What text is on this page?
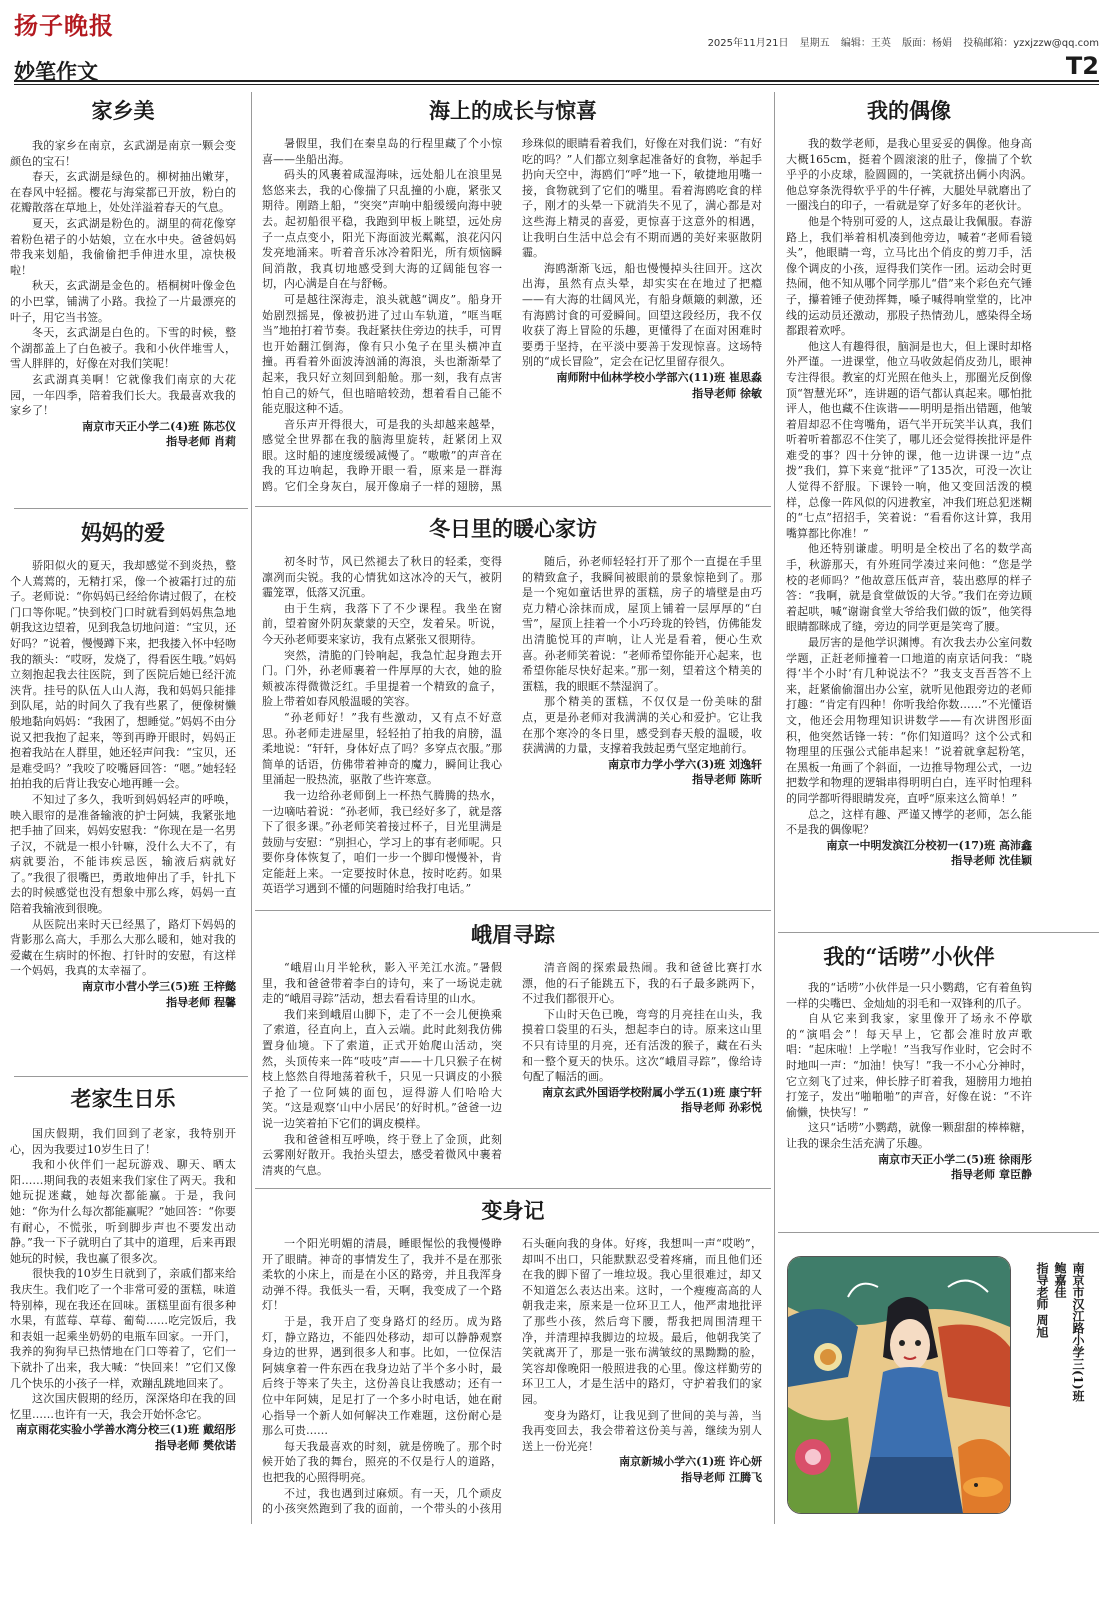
扬子晚报
2025年11月21日 星期五 编辑：王英 版面：杨娟 投稿邮箱：yzxjzzw@qq.com
妙笔作文	T2
家乡美

我的家乡在南京，玄武湖是南京一颗会变颜色的宝石！

春天，玄武湖是绿色的。柳树抽出嫩芽，在春风中轻摇。樱花与海棠都已开放，粉白的花瓣散落在草地上，处处洋溢着春天的气息。

夏天，玄武湖是粉色的。湖里的荷花像穿着粉色裙子的小姑娘，立在水中央。爸爸妈妈带我来划船，我偷偷把手伸进水里，凉快极啦！

秋天，玄武湖是金色的。梧桐树叶像金色的小巴掌，铺满了小路。我捡了一片最漂亮的叶子，用它当书签。

冬天，玄武湖是白色的。下雪的时候，整个湖都盖上了白色被子。我和小伙伴堆雪人，雪人胖胖的，好像在对我们笑呢！

玄武湖真美啊！它就像我们南京的大花园，一年四季，陪着我们长大。我最喜欢我的家乡了！

南京市天正小学二(4)班 陈芯仪
指导老师 肖莉
妈妈的爱

骄阳似火的夏天，我却感觉不到炎热，整个人蔫蔫的，无精打采，像一个被霜打过的茄子。老师说：“你妈妈已经给你请过假了，在校门口等你呢。”快到校门口时就看到妈妈焦急地朝我这边望着，见到我急切地问道：“宝贝，还好吗？”说着，慢慢蹲下来，把我搂入怀中轻吻我的额头：“哎呀，发烧了，得看医生哦。”妈妈立刻抱起我去往医院，到了医院后她已经汗流浃背。挂号的队伍人山人海，我和妈妈只能排到队尾，站的时间久了我有些累了，便像树懒般地黏向妈妈：“我困了，想睡觉。”妈妈不由分说又把我抱了起来，等到再睁开眼时，妈妈正抱着我站在人群里，她还轻声问我：“宝贝，还是难受吗？”我咬了咬嘴唇回答：“嗯。”她轻轻拍拍我的后背让我安心地再睡一会。

不知过了多久，我听到妈妈轻声的呼唤，映入眼帘的是准备输液的护士阿姨，我紧张地把手抽了回来，妈妈安慰我：“你现在是一名男子汉，不就是一根小针嘛，没什么大不了，有病就要治，不能讳疾忌医，输液后病就好了。”我很了很嘴巴，勇敢地伸出了手，针扎下去的时候感觉也没有想象中那么疼，妈妈一直陪着我输液到很晚。

从医院出来时天已经黑了，路灯下妈妈的背影那么高大，手那么大那么暖和，她对我的爱藏在生病时的怀抱、打针时的安慰，有这样一个妈妈，我真的太幸福了。

南京市小营小学三(5)班 王梓懿
指导老师 程馨
老家生日乐

国庆假期，我们回到了老家，我特别开心，因为我要过10岁生日了！

我和小伙伴们一起玩游戏、聊天、晒太阳……期间我的表姐来我们家住了两天。我和她玩捉迷藏，她每次都能赢。于是，我问她：“你为什么每次都能赢呢？”她回答：“你要有耐心，不慌张，听到脚步声也不要发出动静。”我一下子就明白了其中的道理，后来再跟她玩的时候，我也赢了很多次。

很快我的10岁生日就到了，亲戚们都来给我庆生。我们吃了一个非常可爱的蛋糕，味道特别棒，现在我还在回味。蛋糕里面有很多种水果，有蓝莓、草莓、葡萄……吃完饭后，我和表姐一起乘坐奶奶的电瓶车回家。一开门，我养的狗狗早已热情地在门口等着了，它们一下就扑了出来，我大喊：“快回来！”它们又像几个快乐的小孩子一样，欢蹦乱跳地回来了。

这次国庆假期的经历，深深烙印在我的回忆里……也许有一天，我会开始怀念它。

南京雨花实验小学善水湾分校三(1)班 戴绍彤
指导老师 樊依诺
海上的成长与惊喜

暑假里，我们在秦皇岛的行程里藏了个小惊喜——坐船出海。

码头的风裹着咸湿海味，远处船儿在浪里晃悠悠来去，我的心像揣了只乱撞的小鹿，紧张又期待。刚踏上船，“突突”声响中船缓缓向海中驶去。起初船很平稳，我跑到甲板上眺望，远处房子一点点变小，阳光下海面波光粼粼，浪花闪闪发亮地涌来。听着音乐冰冷着阳光，所有烦恼瞬间消散，我真切地感受到大海的辽阔能包容一切，内心满是自在与舒畅。

可是越往深海走，浪头就越“调皮”。船身开始剧烈摇晃，像被扔进了过山车轨道，“哐当哐当”地拍打着节奏。我赶紧扶住旁边的扶手，可胃也开始翻江倒海，像有只小兔子在里头横冲直撞。再看着外面波涛汹涌的海浪，头也渐渐晕了起来，我只好立刻回到船舱。那一刻，我有点害怕自己的娇气，但也暗暗较劲，想着看自己能不能克服这种不适。

音乐声开得很大，可是我的头却越来越晕，感觉全世界都在我的脑海里旋转，赶紧闭上双眼。这时船的速度缓缓减慢了。“嗷嗷”的声音在我的耳边响起，我睁开眼一看，原来是一群海鸥。它们全身灰白，展开像扇子一样的翅膀，黑珍珠似的眼睛看着我们，好像在对我们说：“有好吃的吗？”人们都立刻拿起准备好的食物，举起手扔向天空中，海鸥们“呼”地一下，敏捷地用嘴一接，食物就到了它们的嘴里。看着海鸥吃食的样子，刚才的头晕一下就消失不见了，满心都是对这些海上精灵的喜爱，更惊喜于这意外的相遇，让我明白生活中总会有不期而遇的美好来驱散阴霾。

海鸥渐渐飞远，船也慢慢掉头往回开。这次出海，虽然有点头晕，却实实在在地过了把瘾——有大海的壮阔风光，有船身颠簸的刺激，还有海鸥讨食的可爱瞬间。回望这段经历，我不仅收获了海上冒险的乐趣，更懂得了在面对困难时要勇于坚持，在平淡中要善于发现惊喜。这场特别的“成长冒险”，定会在记忆里留存很久。

南师附中仙林学校小学部六(11)班 崔思淼
指导老师 徐敏
冬日里的暖心家访

初冬时节，风已然褪去了秋日的轻柔，变得凛冽而尖锐。我的心情犹如这冰冷的天气，被阴霾笼罩，低落又沉重。

由于生病，我落下了不少课程。我坐在窗前，望着窗外阴灰蒙蒙的天空，发着呆。听说，今天孙老师要来家访，我有点紧张又很期待。

突然，清脆的门铃响起，我急忙起身跑去开门。门外，孙老师裹着一件厚厚的大衣，她的脸颊被冻得微微泛红。手里提着一个精致的盒子，脸上带着如春风般温暖的笑容。

“孙老师好！”我有些激动，又有点不好意思。孙老师走进屋里，轻轻拍了拍我的肩膀，温柔地说：“轩轩，身体好点了吗？多穿点衣服。”那简单的话语，仿佛带着神奇的魔力，瞬间让我心里涌起一股热流，驱散了些许寒意。

我一边给孙老师倒上一杯热气腾腾的热水，一边嘀咕着说：“孙老师，我已经好多了，就是落下了很多课。”孙老师笑着接过杯子，目光里满是鼓励与安慰：“别担心，学习上的事有老师呢。只要你身体恢复了，咱们一步一个脚印慢慢补，肯定能赶上来。一定要按时休息，按时吃药。如果英语学习遇到不懂的问题随时给我打电话。”

随后，孙老师轻轻打开了那个一直提在手里的精致盒子，我瞬间被眼前的景象惊艳到了。那是一个宛如童话世界的蛋糕，房子的墙壁是由巧克力精心涂抹而成，屋顶上铺着一层厚厚的“白雪”，屋顶上挂着一个小巧玲珑的铃铛，仿佛能发出清脆悦耳的声响，让人光是看着，便心生欢喜。孙老师笑着说：“老师希望你能开心起来，也希望你能尽快好起来。”那一刻，望着这个精美的蛋糕，我的眼眶不禁湿润了。

那个精美的蛋糕，不仅仅是一份美味的甜点，更是孙老师对我满满的关心和爱护。它让我在那个寒冷的冬日里，感受到春天般的温暖，收获满满的力量，支撑着我鼓起勇气坚定地前行。

南京市力学小学六(3)班 刘逸轩
指导老师 陈昕
峨眉寻踪

“峨眉山月半轮秋，影入平羌江水流。”暑假里，我和爸爸带着李白的诗句，来了一场说走就走的“峨眉寻踪”活动，想去看看诗里的山水。

我们来到峨眉山脚下，走了不一会儿便换乘了索道，径直向上，直入云端。此时此刻我仿佛置身仙境。下了索道，正式开始爬山活动，突然，头顶传来一阵“吱吱”声——十几只猴子在树枝上悠然自得地荡着秋千，只见一只调皮的小猴子抢了一位阿姨的面包，逗得游人们哈哈大笑。“这是观察‘山中小居民’的好时机。”爸爸一边说一边笑着拍下它们的调皮模样。

我和爸爸相互呼唤，终于登上了金顶，此刻云雾刚好散开。我抬头望去，感受着微风中裹着清爽的气息。

清音阁的探索最热闹。我和爸爸比赛打水漂，他的石子能跳五下，我的石子最多跳两下，不过我们都很开心。

下山时天色已晚，弯弯的月亮挂在山头，我摸着口袋里的石头，想起李白的诗。原来这山里不只有诗里的月亮，还有活泼的猴子，藏在石头和一整个夏天的快乐。这次“峨眉寻踪”，像给诗句配了幅活的画。

南京玄武外国语学校附属小学五(1)班 康宁轩
指导老师 孙彩悦
变身记

一个阳光明媚的清晨，睡眼惺忪的我慢慢睁开了眼睛。神奇的事情发生了，我并不是在那张柔软的小床上，而是在小区的路旁，并且我浑身动弹不得。我低头一看，天啊，我变成了一个路灯！

于是，我开启了变身路灯的经历。成为路灯，静立路边，不能四处移动，却可以静静观察身边的世界，遇到很多人和事。比如，一位保洁阿姨拿着一件东西在我身边站了半个多小时，最后终于等来了失主，这份善良让我感动；还有一位中年阿姨，足足打了一个多小时电话，她在耐心指导一个新人如何解决工作难题，这份耐心是那么可贵……

每天我最喜欢的时刻，就是傍晚了。那个时候开始了我的舞台，照亮的不仅是行人的道路，也把我的心照得明亮。

不过，我也遇到过麻烦。有一天，几个顽皮的小孩突然跑到了我的面前，一个带头的小孩用石头砸向我的身体。好疼，我想叫一声“哎哟”，却叫不出口，只能默默忍受着疼痛，而且他们还在我的脚下留了一堆垃圾。我心里很难过，却又不知道怎么表达出来。这时，一个瘦瘦高高的人朝我走来，原来是一位环卫工人，他严肃地批评了那些小孩，然后弯下腰，帮我把周围清理干净，并清理掉我脚边的垃圾。最后，他朝我笑了笑就离开了，那是一张布满皱纹的黑黝黝的脸，笑容却像晚阳一般照进我的心里。像这样勤劳的环卫工人，才是生活中的路灯，守护着我们的家园。

变身为路灯，让我见到了世间的美与善，当我再变回去，我会带着这份美与善，继续为别人送上一份光亮！

南京新城小学六(1)班 许心妍
指导老师 江腾飞
我的偶像

我的数学老师，是我心里妥妥的偶像。他身高大概165cm，挺着个圆滚滚的肚子，像揣了个软乎乎的小皮球，脸圆圆的，一笑就挤出俩小肉涡。他总穿条洗得软乎乎的牛仔裤，大腿处早就磨出了一圈浅白的印子，一看就是穿了好多年的老伙计。

他是个特别可爱的人，这点最让我佩服。春游路上，我们举着相机凑到他旁边，喊着“老师看镜头”，他眼睛一弯，立马比出个俏皮的剪刀手，活像个调皮的小孩，逗得我们笑作一团。运动会时更热闹，他不知从哪个同学那儿“借”来个彩色充气锤子，攥着锤子使劲挥舞，嗓子喊得响堂堂的，比冲线的运动员还激动，那股子热情劲儿，感染得全场都跟着欢呼。

他这人有趣得很，脑洞是也大，但上课时却格外严谨。一进课堂，他立马收敛起俏皮劲儿，眼神专注得很。教室的灯光照在他头上，那圈光反倒像顶“智慧光环”，连讲题的语气都认真起来。哪怕批评人，他也藏不住诙谐——明明是指出错题，他皱着眉却忍不住弯嘴角，语气半开玩笑半认真，我们听着听着都忍不住笑了，哪儿还会觉得挨批评是件难受的事？四十分钟的课，他一边讲课一边“点拨”我们，算下来竟“批评”了135次，可没一次让人觉得不舒服。下课铃一响，他又变回活泼的模样，总像一阵风似的闪进教室，冲我们班总犯迷糊的“七点”招招手，笑着说：“看看你这计算，我用嘴算都比你准！”

他还特别谦虚。明明是全校出了名的数学高手，秋游那天，有外班同学凑过来问他：“您是学校的老师吗？”他故意压低声音，装出憨厚的样子答：“我啊，就是食堂做饭的大爷。”我们在旁边顾着起哄，喊“谢谢食堂大爷给我们做的饭”，他笑得眼睛都眯成了缝，旁边的同学更是笑弯了腰。

最厉害的是他学识渊博。有次我去办公室问数学题，正赶老师撞着一口地道的南京话问我：“晓得‘半个小时’有几种说法不？”我支支吾吾答不上来，赶紧偷偷溜出办公室，就听见他跟旁边的老师打趣：“肯定有四种！你听我给你数……”不光懂语文，他还会用物理知识讲数学——有次讲图形面积，他突然话锋一转：“你们知道吗？这个公式和物理里的压强公式能串起来！”说着就拿起粉笔，在黑板一角画了个斜面，一边推导物理公式，一边把数学和物理的逻辑串得明明白白，连平时怕理科的同学都听得眼睛发亮，直呼“原来这么简单！”

总之，这样有趣、严谨又博学的老师，怎么能不是我的偶像呢？

南京一中明发滨江分校初一(17)班 高沛鑫
指导老师 沈佳颖
我的“话唠”小伙伴

我的“话唠”小伙伴是一只小鹦鹉，它有着鱼钩一样的尖嘴巴、金灿灿的羽毛和一双锋利的爪子。

自从它来到我家，家里像开了场永不停歇的“演唱会”！每天早上，它都会准时放声歌唱：“起床啦！上学啦！”当我写作业时，它会时不时地叫一声：“加油！快写！”我一不小心分神时，它立刻飞了过来，伸长脖子盯着我，翅膀用力地拍打笼子，发出“啪啪啪”的声音，好像在说：“不许偷懒，快快写！”

这只“话唠”小鹦鹉，就像一颗甜甜的棒棒糖，让我的课余生活充满了乐趣。

南京市天正小学二(5)班 徐雨彤
指导老师 章臣静
南京市汉江路小学三(1)班
鲍嘉佳
指导老师 周旭
